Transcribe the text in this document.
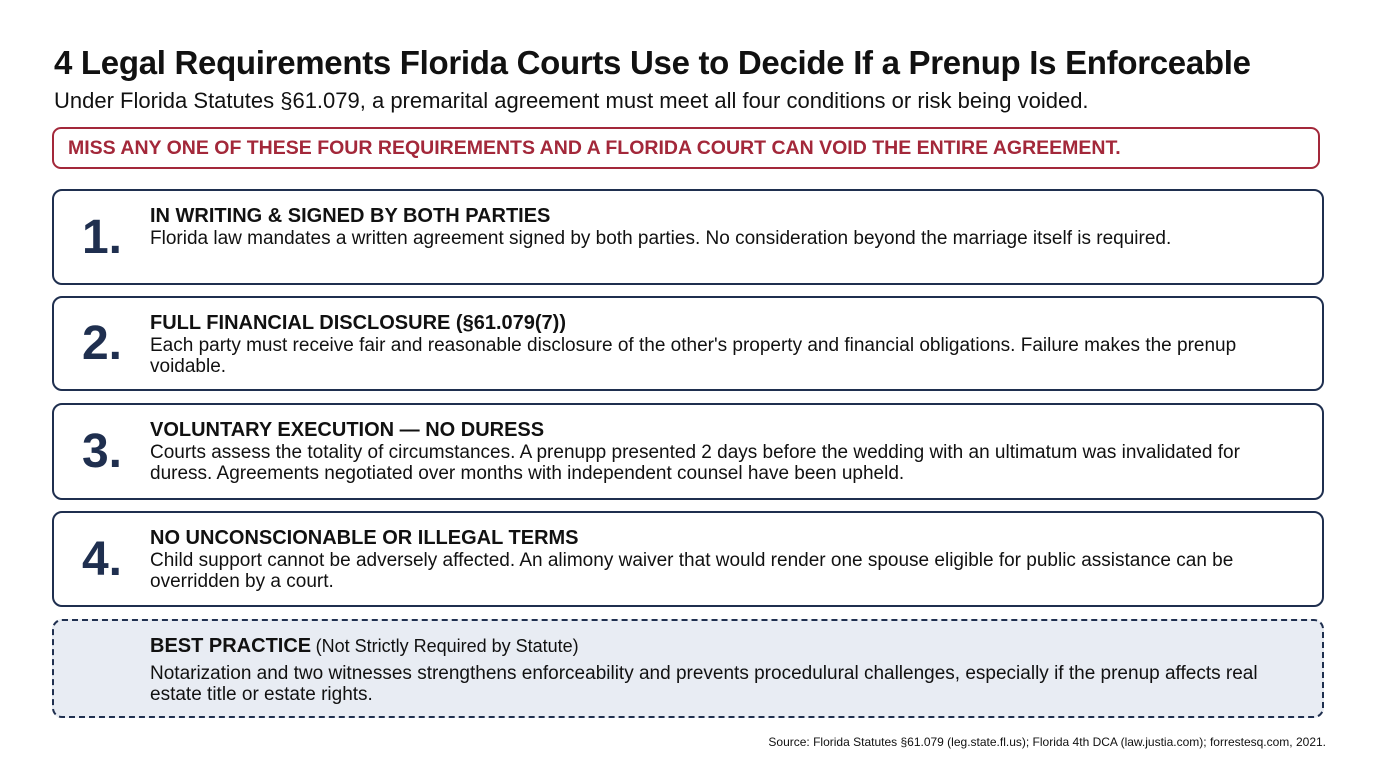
4 Legal Requirements Florida Courts Use to Decide If a Prenup Is Enforceable
Under Florida Statutes §61.079, a premarital agreement must meet all four conditions or risk being voided.
MISS ANY ONE OF THESE FOUR REQUIREMENTS AND A FLORIDA COURT CAN VOID THE ENTIRE AGREEMENT.
1.	IN WRITING & SIGNED BY BOTH PARTIES
Florida law mandates a written agreement signed by both parties. No consideration beyond the marriage itself is required.
2.	FULL FINANCIAL DISCLOSURE (§61.079(7))
Each party must receive fair and reasonable disclosure of the other's property and financial obligations. Failure makes the prenup voidable.
3.	VOLUNTARY EXECUTION — NO DURESS
Courts assess the totality of circumstances. A prenupp presented 2 days before the wedding with an ultimatum was invalidated for duress. Agreements negotiated over months with independent counsel have been upheld.
4.	NO UNCONSCIONABLE OR ILLEGAL TERMS
Child support cannot be adversely affected. An alimony waiver that would render one spouse eligible for public assistance can be overridden by a court.
BEST PRACTICE (Not Strictly Required by Statute)
Notarization and two witnesses strengthens enforceability and prevents procedulural challenges, especially if the prenup affects real estate title or estate rights.
Source: Florida Statutes §61.079 (leg.state.fl.us); Florida 4th DCA (law.justia.com); forrestesq.com, 2021.
